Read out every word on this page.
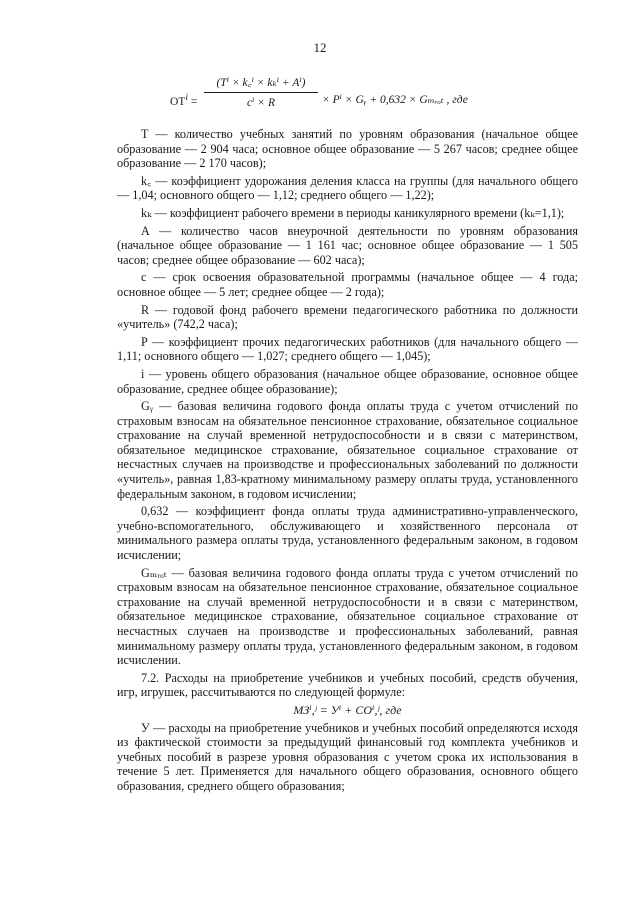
12
$ОТ^i$ =
(Tⁱ × k꜀ⁱ × kₖⁱ + Aⁱ)
cⁱ × R	× Pⁱ × Gᵧ + 0,632 × Gₘᵣₒₜ , где

T — количество учебных занятий по уровням образования (начальное общее образование — 2 904 часа; основное общее образование — 5 267 часов; среднее общее образование — 2 170 часов);

k꜀ — коэффициент удорожания деления класса на группы (для начального общего — 1,04; основного общего — 1,12; среднего общего — 1,22);

kₖ — коэффициент рабочего времени в периоды каникулярного времени (kₖ=1,1);

A — количество часов внеурочной деятельности по уровням образования (начальное общее образование — 1 161 час; основное общее образование — 1 505 часов; среднее общее образование — 602 часа);

c — срок освоения образовательной программы (начальное общее — 4 года; основное общее — 5 лет; среднее общее — 2 года);

R — годовой фонд рабочего времени педагогического работника по должности «учитель» (742,2 часа);

P — коэффициент прочих педагогических работников (для начального общего — 1,11; основного общего — 1,027; среднего общего — 1,045);

i — уровень общего образования (начальное общее образование, основное общее образование, среднее общее образование);

Gᵧ — базовая величина годового фонда оплаты труда с учетом отчислений по страховым взносам на обязательное пенсионное страхование, обязательное социальное страхование на случай временной нетрудоспособности и в связи с материнством, обязательное медицинское страхование, обязательное социальное страхование от несчастных случаев на производстве и профессиональных заболеваний по должности «учитель», равная 1,83-кратному минимальному размеру оплаты труда, установленного федеральным законом, в годовом исчислении;

0,632 — коэффициент фонда оплаты труда административно-управленческого, учебно-вспомогательного, обслуживающего и хозяйственного персонала от минимального размера оплаты труда, установленного федеральным законом, в годовом исчислении;

Gₘᵣₒₜ — базовая величина годового фонда оплаты труда с учетом отчислений по страховым взносам на обязательное пенсионное страхование, обязательное социальное страхование на случай временной нетрудоспособности и в связи с материнством, обязательное медицинское страхование, обязательное социальное страхование от несчастных случаев на производстве и профессиональных заболеваний, равная минимальному размеру оплаты труда, установленного федеральным законом, в годовом исчислении.

7.2. Расходы на приобретение учебников и учебных пособий, средств обучения, игр, игрушек, рассчитываются по следующей формуле:

МЗⁱ,ʲ = Уⁱ + СОⁱ,ʲ, где

У — расходы на приобретение учебников и учебных пособий определяются исходя из фактической стоимости за предыдущий финансовый год комплекта учебников и учебных пособий в разрезе уровня образования с учетом срока их использования в течение 5 лет. Применяется для начального общего образования, основного общего образования, среднего общего образования;
